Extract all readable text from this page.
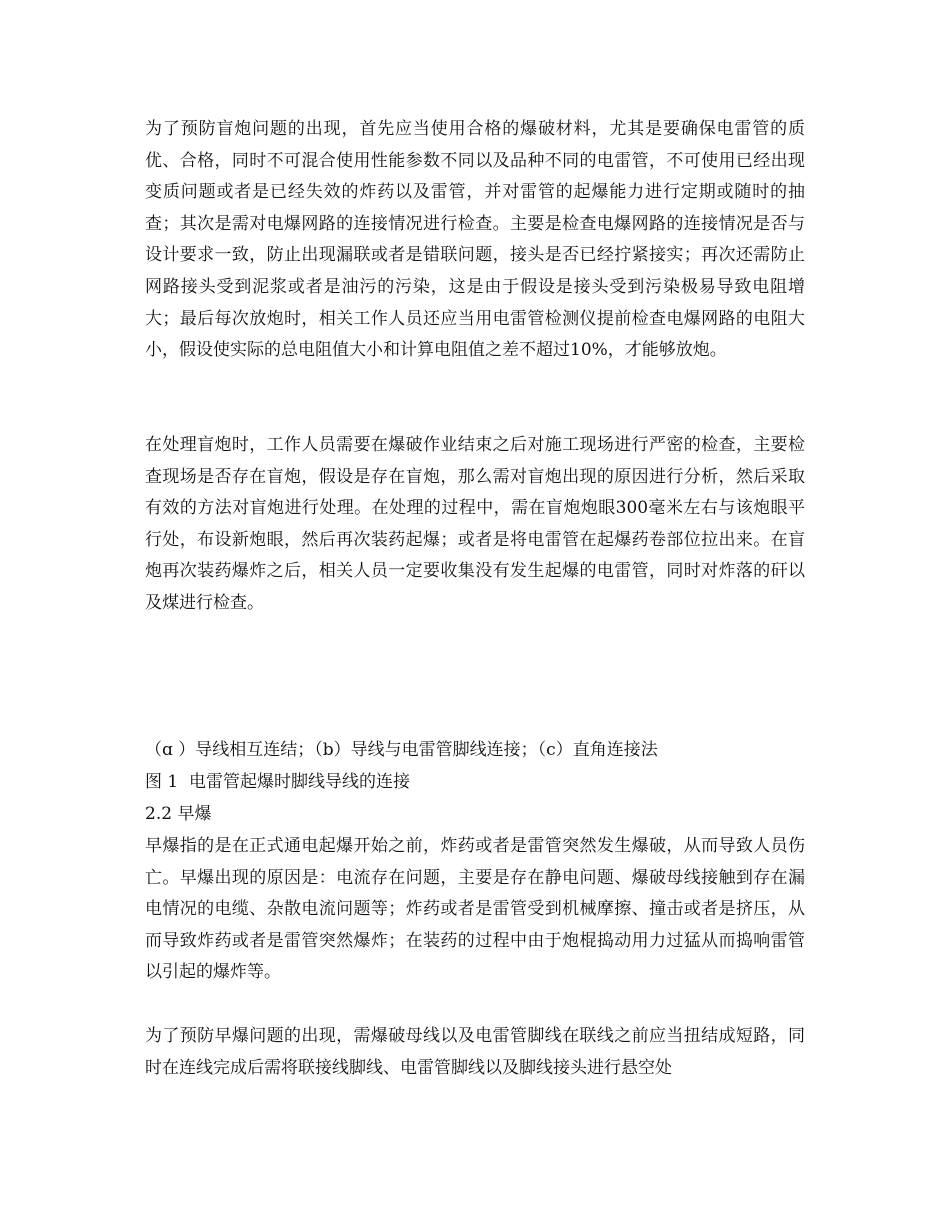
为了预防盲炮问题的出现，首先应当使用合格的爆破材料，尤其是要确保电雷管的质优、合格，同时不可混合使用性能参数不同以及品种不同的电雷管，不可使用已经出现变质问题或者是已经失效的炸药以及雷管，并对雷管的起爆能力进行定期或随时的抽查；其次是需对电爆网路的连接情况进行检查。主要是检查电爆网路的连接情况是否与设计要求一致，防止出现漏联或者是错联问题，接头是否已经拧紧接实；再次还需防止网路接头受到泥浆或者是油污的污染，这是由于假设是接头受到污染极易导致电阻增大；最后每次放炮时，相关工作人员还应当用电雷管检测仪提前检查电爆网路的电阻大小，假设使实际的总电阻值大小和计算电阻值之差不超过10%，才能够放炮。

在处理盲炮时，工作人员需要在爆破作业结束之后对施工现场进行严密的检查，主要检查现场是否存在盲炮，假设是存在盲炮，那么需对盲炮出现的原因进行分析，然后采取有效的方法对盲炮进行处理。在处理的过程中，需在盲炮炮眼300毫米左右与该炮眼平行处，布设新炮眼，然后再次装药起爆；或者是将电雷管在起爆药卷部位拉出来。在盲炮再次装药爆炸之后，相关人员一定要收集没有发生起爆的电雷管，同时对炸落的矸以及煤进行检查。

（ɑ ）导线相互连结；（b）导线与电雷管脚线连接；（c）直角连接法

图 1  电雷管起爆时脚线导线的连接

2.2 早爆

早爆指的是在正式通电起爆开始之前，炸药或者是雷管突然发生爆破，从而导致人员伤亡。早爆出现的原因是：电流存在问题，主要是存在静电问题、爆破母线接触到存在漏电情况的电缆、杂散电流问题等；炸药或者是雷管受到机械摩擦、撞击或者是挤压，从而导致炸药或者是雷管突然爆炸；在装药的过程中由于炮棍捣动用力过猛从而捣响雷管以引起的爆炸等。

为了预防早爆问题的出现，需爆破母线以及电雷管脚线在联线之前应当扭结成短路，同时在连线完成后需将联接线脚线、电雷管脚线以及脚线接头进行悬空处
